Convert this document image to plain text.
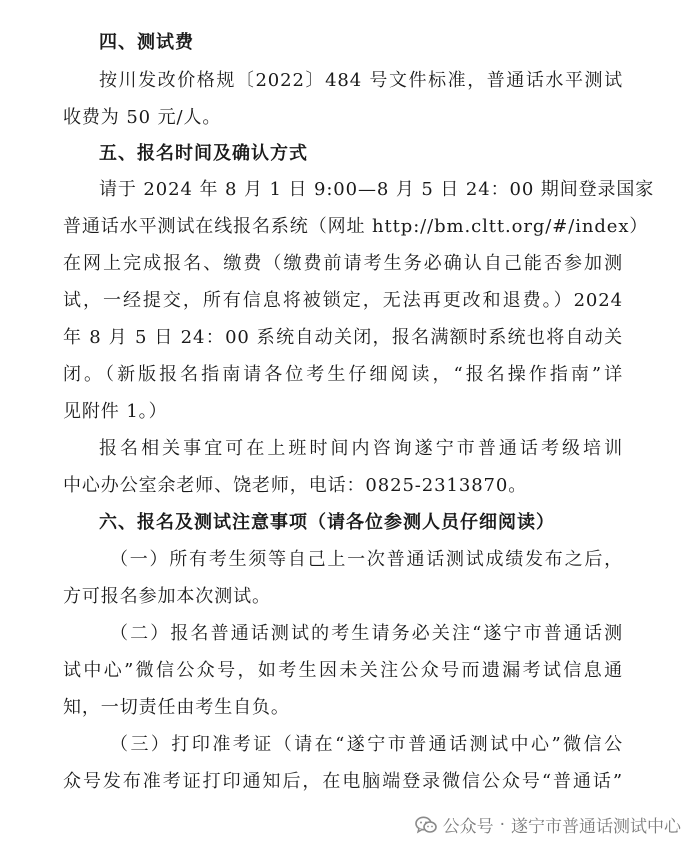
四、测试费
按川发改价格规〔2022〕484 号文件标准，普通话水平测试
收费为 50 元/人。
五、报名时间及确认方式
请于 2024 年 8 月 1 日 9:00—8 月 5 日 24：00 期间登录国家
普通话水平测试在线报名系统（网址 http://bm.cltt.org/#/index）
在网上完成报名、缴费（缴费前请考生务必确认自己能否参加测
试，一经提交，所有信息将被锁定，无法再更改和退费。）2024
年 8 月 5 日 24：00 系统自动关闭，报名满额时系统也将自动关
闭。（新版报名指南请各位考生仔细阅读，“报名操作指南”详
见附件 1。）
报名相关事宜可在上班时间内咨询遂宁市普通话考级培训
中心办公室余老师、饶老师，电话：0825-2313870。
六、报名及测试注意事项（请各位参测人员仔细阅读）
（一）所有考生须等自己上一次普通话测试成绩发布之后，
方可报名参加本次测试。
（二）报名普通话测试的考生请务必关注“遂宁市普通话测
试中心”微信公众号，如考生因未关注公众号而遗漏考试信息通
知，一切责任由考生自负。
（三）打印准考证（请在“遂宁市普通话测试中心”微信公
众号发布准考证打印通知后，在电脑端登录微信公众号“普通话”
公众号 · 遂宁市普通话测试中心
